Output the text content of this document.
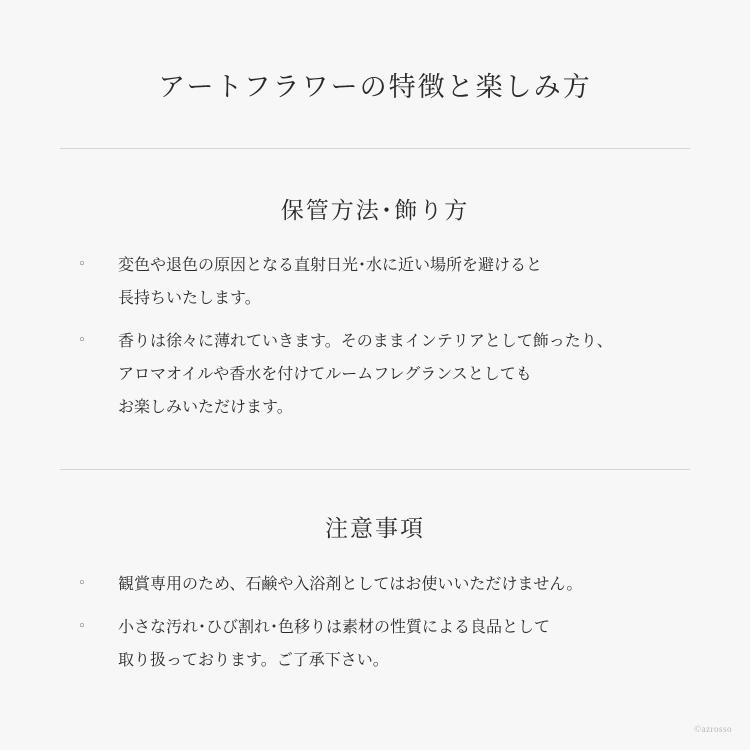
アートフラワーの特徴と楽しみ方
保管方法･飾り方
◦ 変色や退色の原因となる直射日光･水に近い場所を避けると
長持ちいたします。
◦ 香りは徐々に薄れていきます。そのままインテリアとして飾ったり、
アロマオイルや香水を付けてルームフレグランスとしても
お楽しみいただけます。
注意事項
◦ 観賞専用のため、石鹸や入浴剤としてはお使いいただけません。
◦ 小さな汚れ･ひび割れ･色移りは素材の性質による良品として
取り扱っております。ご了承下さい。
©azrosso
